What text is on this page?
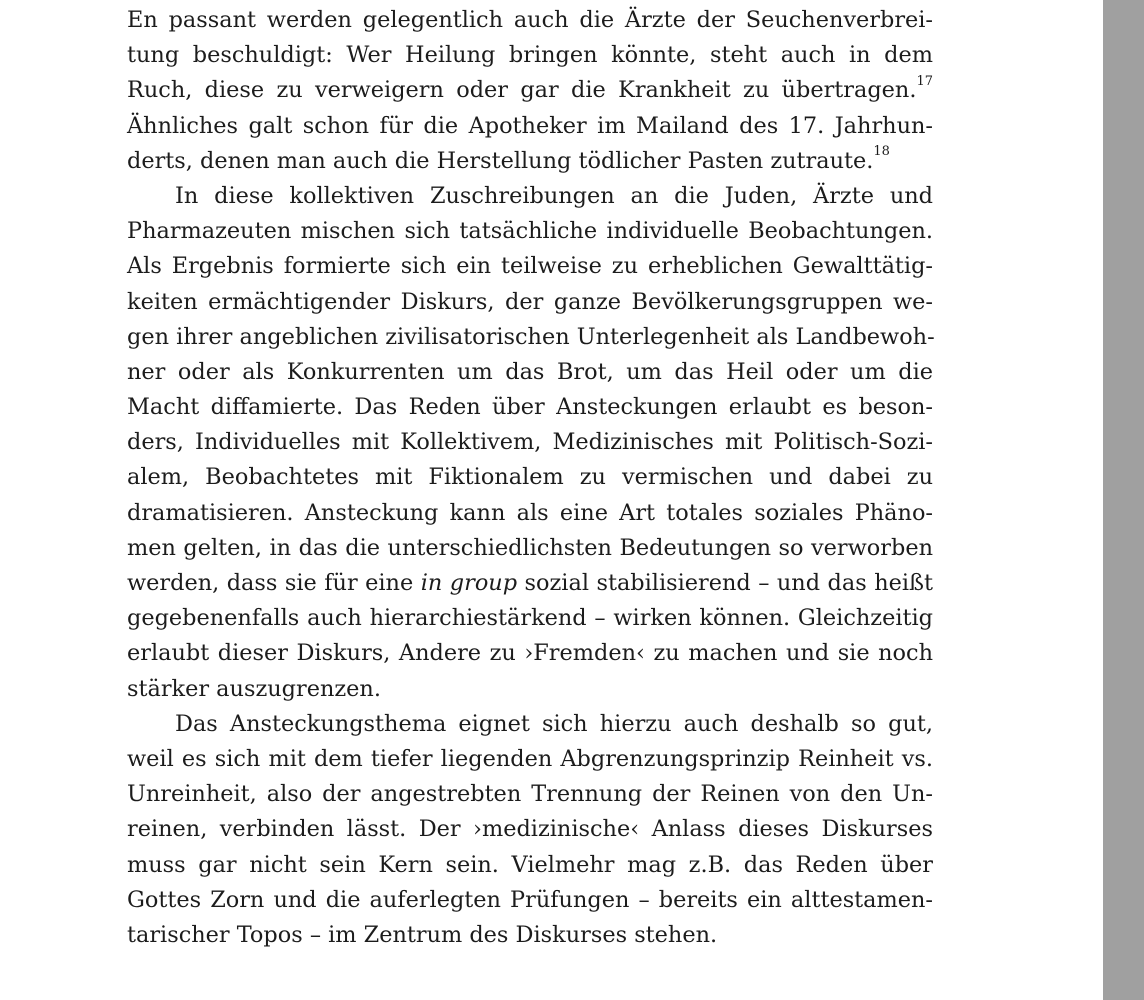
En passant werden gelegentlich auch die Ärzte der Seuchenverbrei-
tung beschuldigt: Wer Heilung bringen könnte, steht auch in dem
Ruch, diese zu verweigern oder gar die Krankheit zu übertragen.$^{17}$
Ähnliches galt schon für die Apotheker im Mailand des 17. Jahrhun-
derts, denen man auch die Herstellung tödlicher Pasten zutraute.$^{18}$
In diese kollektiven Zuschreibungen an die Juden, Ärzte und
Pharmazeuten mischen sich tatsächliche individuelle Beobachtungen.
Als Ergebnis formierte sich ein teilweise zu erheblichen Gewalttätig-
keiten ermächtigender Diskurs, der ganze Bevölkerungsgruppen we-
gen ihrer angeblichen zivilisatorischen Unterlegenheit als Landbewoh-
ner oder als Konkurrenten um das Brot, um das Heil oder um die
Macht diffamierte. Das Reden über Ansteckungen erlaubt es beson-
ders, Individuelles mit Kollektivem, Medizinisches mit Politisch-Sozi-
alem, Beobachtetes mit Fiktionalem zu vermischen und dabei zu
dramatisieren. Ansteckung kann als eine Art totales soziales Phäno-
men gelten, in das die unterschiedlichsten Bedeutungen so verworben
werden, dass sie für eine in group sozial stabilisierend – und das heißt
gegebenenfalls auch hierarchiestärkend – wirken können. Gleichzeitig
erlaubt dieser Diskurs, Andere zu ›Fremden‹ zu machen und sie noch
stärker auszugrenzen.
Das Ansteckungsthema eignet sich hierzu auch deshalb so gut,
weil es sich mit dem tiefer liegenden Abgrenzungsprinzip Reinheit vs.
Unreinheit, also der angestrebten Trennung der Reinen von den Un-
reinen, verbinden lässt. Der ›medizinische‹ Anlass dieses Diskurses
muss gar nicht sein Kern sein. Vielmehr mag z.B. das Reden über
Gottes Zorn und die auferlegten Prüfungen – bereits ein alttestamen-
tarischer Topos – im Zentrum des Diskurses stehen.
